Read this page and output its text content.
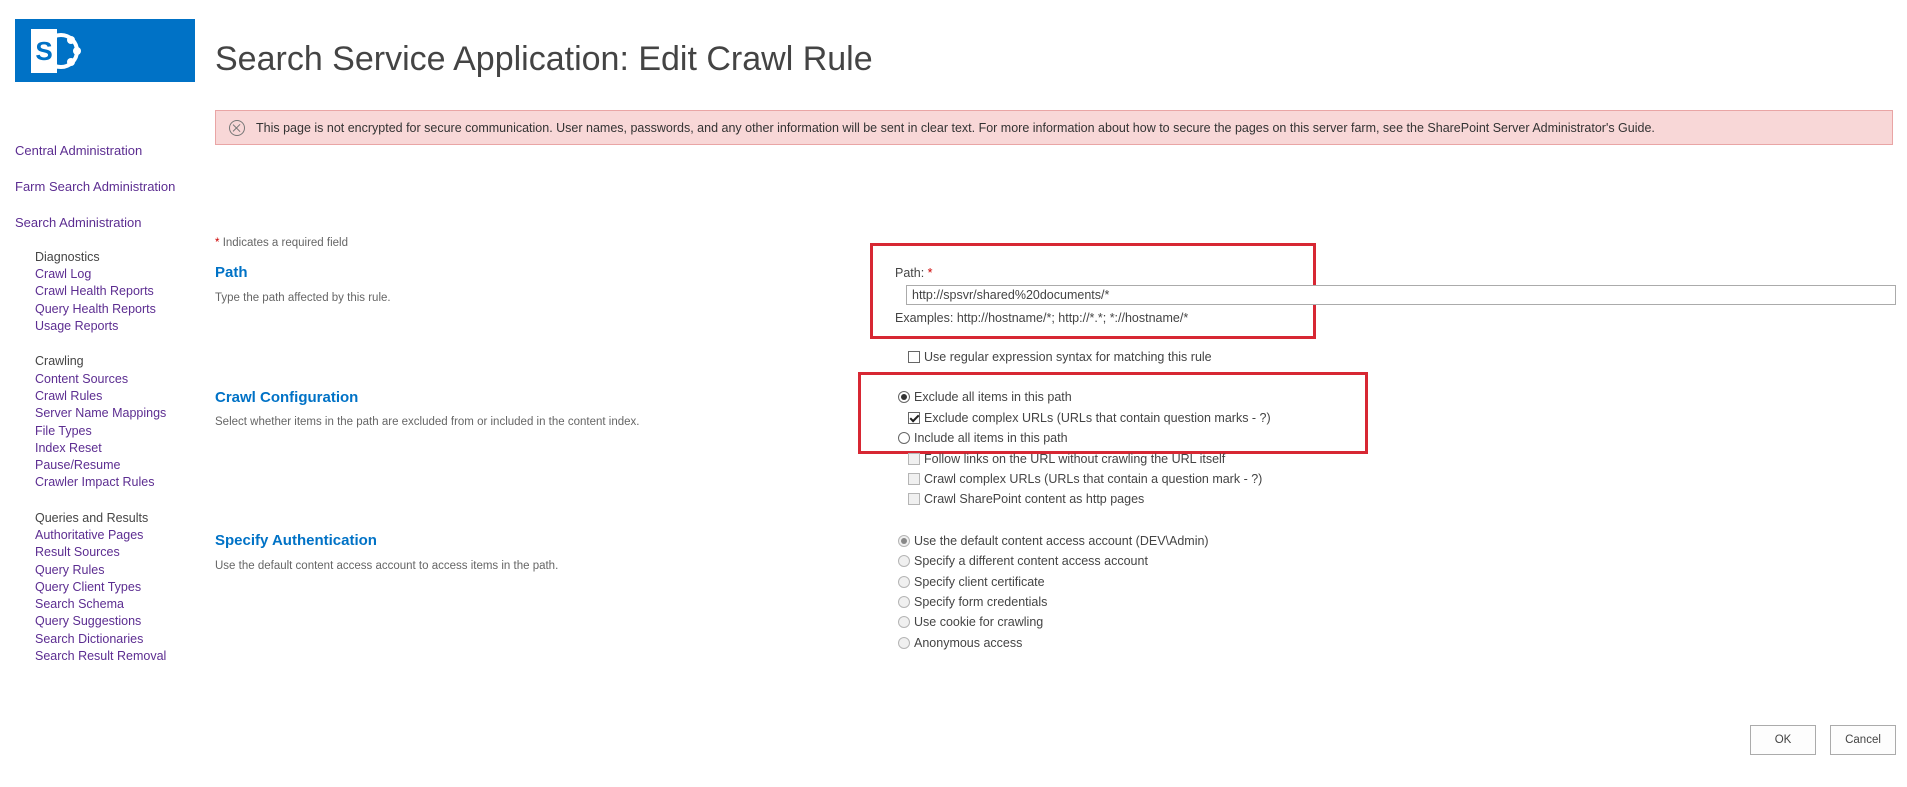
S	Search Service Application: Edit Crawl Rule
This page is not encrypted for secure communication. User names, passwords, and any other information will be sent in clear text. For more information about how to secure the pages on this server farm, see the SharePoint Server Administrator's Guide.
Central Administration
Farm Search Administration
Search Administration
Diagnostics
Crawl Log
Crawl Health Reports
Query Health Reports
Usage Reports
Crawling
Content Sources
Crawl Rules
Server Name Mappings
File Types
Index Reset
Pause/Resume
Crawler Impact Rules
Queries and Results
Authoritative Pages
Result Sources
Query Rules
Query Client Types
Search Schema
Query Suggestions
Search Dictionaries
Search Result Removal
* Indicates a required field
Path
Type the path affected by this rule.
Path: *
http://spsvr/shared%20documents/*
Examples: http://hostname/*; http://*.*; *://hostname/*
Use regular expression syntax for matching this rule
Crawl Configuration
Select whether items in the path are excluded from or included in the content index.
Exclude all items in this path
Exclude complex URLs (URLs that contain question marks - ?)
Include all items in this path
Follow links on the URL without crawling the URL itself
Crawl complex URLs (URLs that contain a question mark - ?)
Crawl SharePoint content as http pages
Specify Authentication
Use the default content access account to access items in the path.
Use the default content access account (DEV\Admin)
Specify a different content access account
Specify client certificate
Specify form credentials
Use cookie for crawling
Anonymous access
OK	Cancel
